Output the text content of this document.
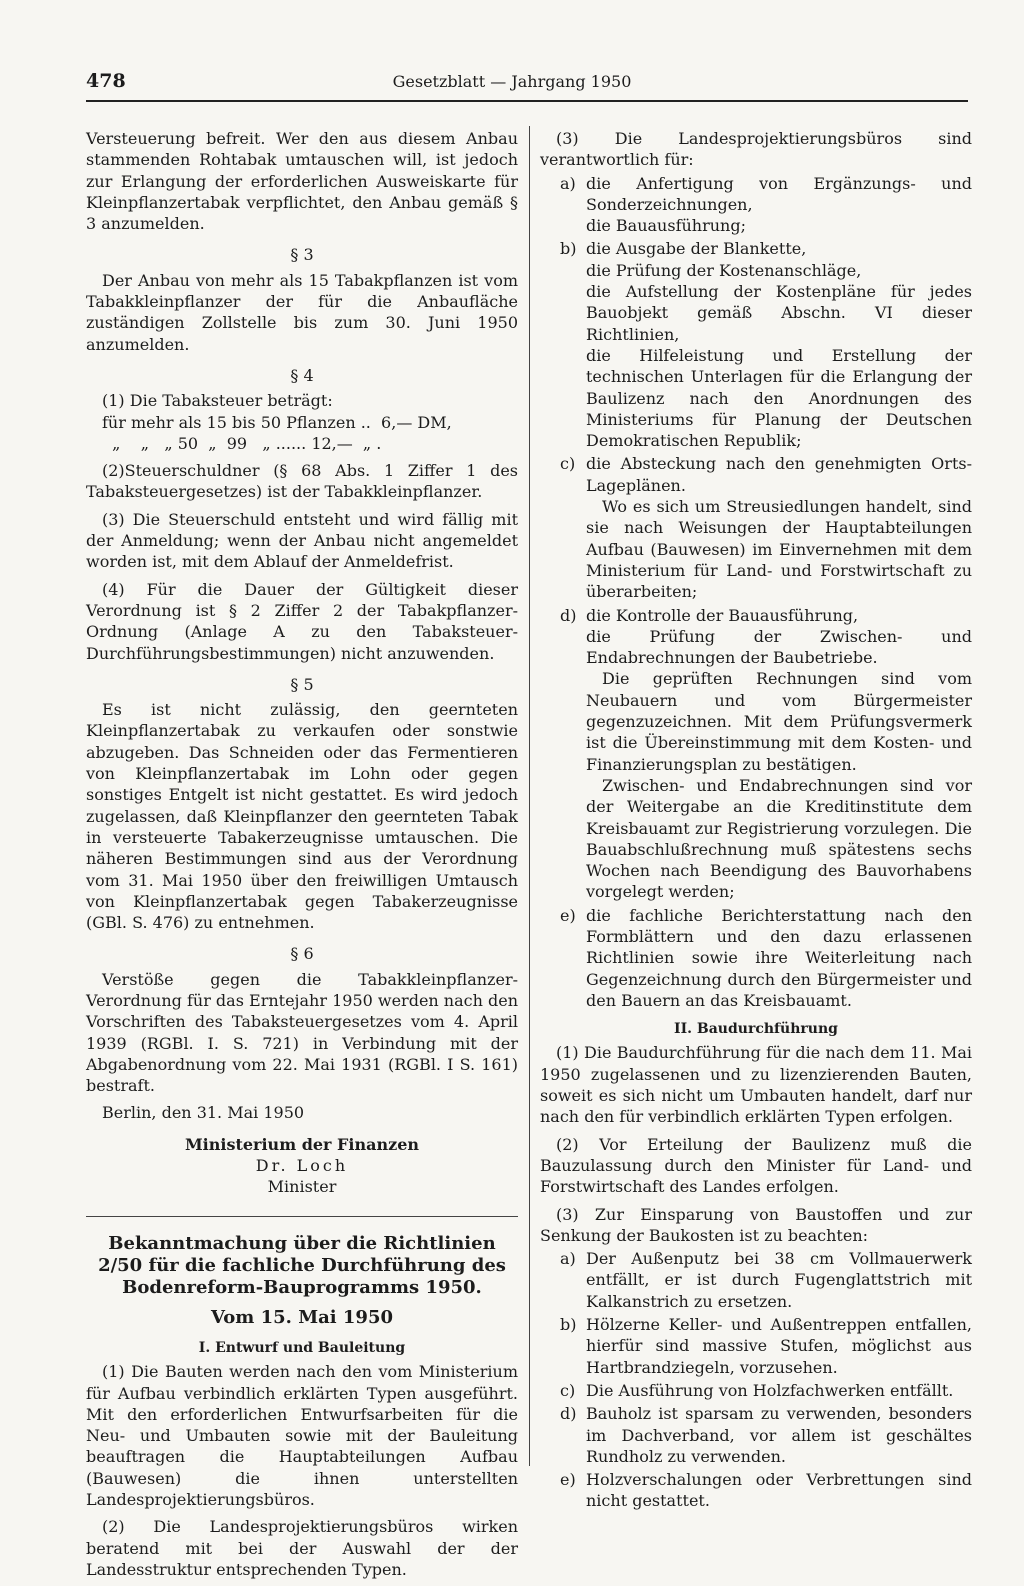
478	Gesetzblatt — Jahrgang 1950

Versteuerung befreit. Wer den aus diesem Anbau stammenden Rohtabak umtauschen will, ist jedoch zur Erlangung der erforderlichen Ausweiskarte für Kleinpflanzertabak verpflichtet, den Anbau gemäß § 3 anzumelden.

§ 3

Der Anbau von mehr als 15 Tabakpflanzen ist vom Tabakkleinpflanzer der für die Anbaufläche zuständigen Zollstelle bis zum 30. Juni 1950 anzumelden.

§ 4

(1) Die Tabaksteuer beträgt:

für mehr als 15 bis 50 Pflanzen ..  6,— DM,

„    „   „ 50  „  99   „ ...... 12,—  „ .

(2)Steuerschuldner (§ 68 Abs. 1 Ziffer 1 des Tabaksteuergesetzes) ist der Tabakkleinpflanzer.

(3) Die Steuerschuld entsteht und wird fällig mit der Anmeldung; wenn der Anbau nicht angemeldet worden ist, mit dem Ablauf der Anmeldefrist.

(4) Für die Dauer der Gültigkeit dieser Verordnung ist § 2 Ziffer 2 der Tabakpflanzer-Ordnung (Anlage A zu den Tabaksteuer-Durchführungsbestimmungen) nicht anzuwenden.

§ 5

Es ist nicht zulässig, den geernteten Kleinpflanzertabak zu verkaufen oder sonstwie abzugeben. Das Schneiden oder das Fermentieren von Kleinpflanzertabak im Lohn oder gegen sonstiges Entgelt ist nicht gestattet. Es wird jedoch zugelassen, daß Kleinpflanzer den geernteten Tabak in versteuerte Tabakerzeugnisse umtauschen. Die näheren Bestimmungen sind aus der Verordnung vom 31. Mai 1950 über den freiwilligen Umtausch von Kleinpflanzertabak gegen Tabakerzeugnisse (GBl. S. 476) zu entnehmen.

§ 6

Verstöße gegen die Tabakkleinpflanzer-Verordnung für das Erntejahr 1950 werden nach den Vorschriften des Tabaksteuergesetzes vom 4. April 1939 (RGBl. I. S. 721) in Verbindung mit der Abgabenordnung vom 22. Mai 1931 (RGBl. I S. 161) bestraft.

Berlin, den 31. Mai 1950

Ministerium der Finanzen

Dr. Loch

Minister

Bekanntmachung über die Richtlinien 2/50 für die fachliche Durchführung des Bodenreform-Bauprogramms 1950.
Vom 15. Mai 1950
I. Entwurf und Bauleitung

(1) Die Bauten werden nach den vom Ministerium für Aufbau verbindlich erklärten Typen ausgeführt. Mit den erforderlichen Entwurfsarbeiten für die Neu- und Umbauten sowie mit der Bauleitung beauftragen die Hauptabteilungen Aufbau (Bauwesen) die ihnen unterstellten Landesprojektierungsbüros.

(2) Die Landesprojektierungsbüros wirken beratend mit bei der Auswahl der der Landesstruktur entsprechenden Typen.

(3) Die Landesprojektierungsbüros sind verantwortlich für:

a) die Anfertigung von Ergänzungs- und Sonderzeichnungen,
die Bauausführung;
b) die Ausgabe der Blankette,
die Prüfung der Kostenanschläge,
die Aufstellung der Kostenpläne für jedes Bauobjekt gemäß Abschn. VI dieser Richtlinien,
die Hilfeleistung und Erstellung der technischen Unterlagen für die Erlangung der Baulizenz nach den Anordnungen des Ministeriums für Planung der Deutschen Demokratischen Republik;
c) die Absteckung nach den genehmigten Orts-Lageplänen.
Wo es sich um Streusiedlungen handelt, sind sie nach Weisungen der Hauptabteilungen Aufbau (Bauwesen) im Einvernehmen mit dem Ministerium für Land- und Forstwirtschaft zu überarbeiten;
d) die Kontrolle der Bauausführung,
die Prüfung der Zwischen- und Endabrechnungen der Baubetriebe.
Die geprüften Rechnungen sind vom Neubauern und vom Bürgermeister gegenzuzeichnen. Mit dem Prüfungsvermerk ist die Übereinstimmung mit dem Kosten- und Finanzierungsplan zu bestätigen.
Zwischen- und Endabrechnungen sind vor der Weitergabe an die Kreditinstitute dem Kreisbauamt zur Registrierung vorzulegen. Die Bauabschlußrechnung muß spätestens sechs Wochen nach Beendigung des Bauvorhabens vorgelegt werden;
e) die fachliche Berichterstattung nach den Formblättern und den dazu erlassenen Richtlinien sowie ihre Weiterleitung nach Gegenzeichnung durch den Bürgermeister und den Bauern an das Kreisbauamt.
II. Baudurchführung

(1) Die Baudurchführung für die nach dem 11. Mai 1950 zugelassenen und zu lizenzierenden Bauten, soweit es sich nicht um Umbauten handelt, darf nur nach den für verbindlich erklärten Typen erfolgen.

(2) Vor Erteilung der Baulizenz muß die Bauzulassung durch den Minister für Land- und Forstwirtschaft des Landes erfolgen.

(3) Zur Einsparung von Baustoffen und zur Senkung der Baukosten ist zu beachten:

a) Der Außenputz bei 38 cm Vollmauerwerk entfällt, er ist durch Fugenglattstrich mit Kalkanstrich zu ersetzen.
b) Hölzerne Keller- und Außentreppen entfallen, hierfür sind massive Stufen, möglichst aus Hartbrandziegeln, vorzusehen.
c) Die Ausführung von Holzfachwerken entfällt.
d) Bauholz ist sparsam zu verwenden, besonders im Dachverband, vor allem ist geschältes Rundholz zu verwenden.
e) Holzverschalungen oder Verbrettungen sind nicht gestattet.
